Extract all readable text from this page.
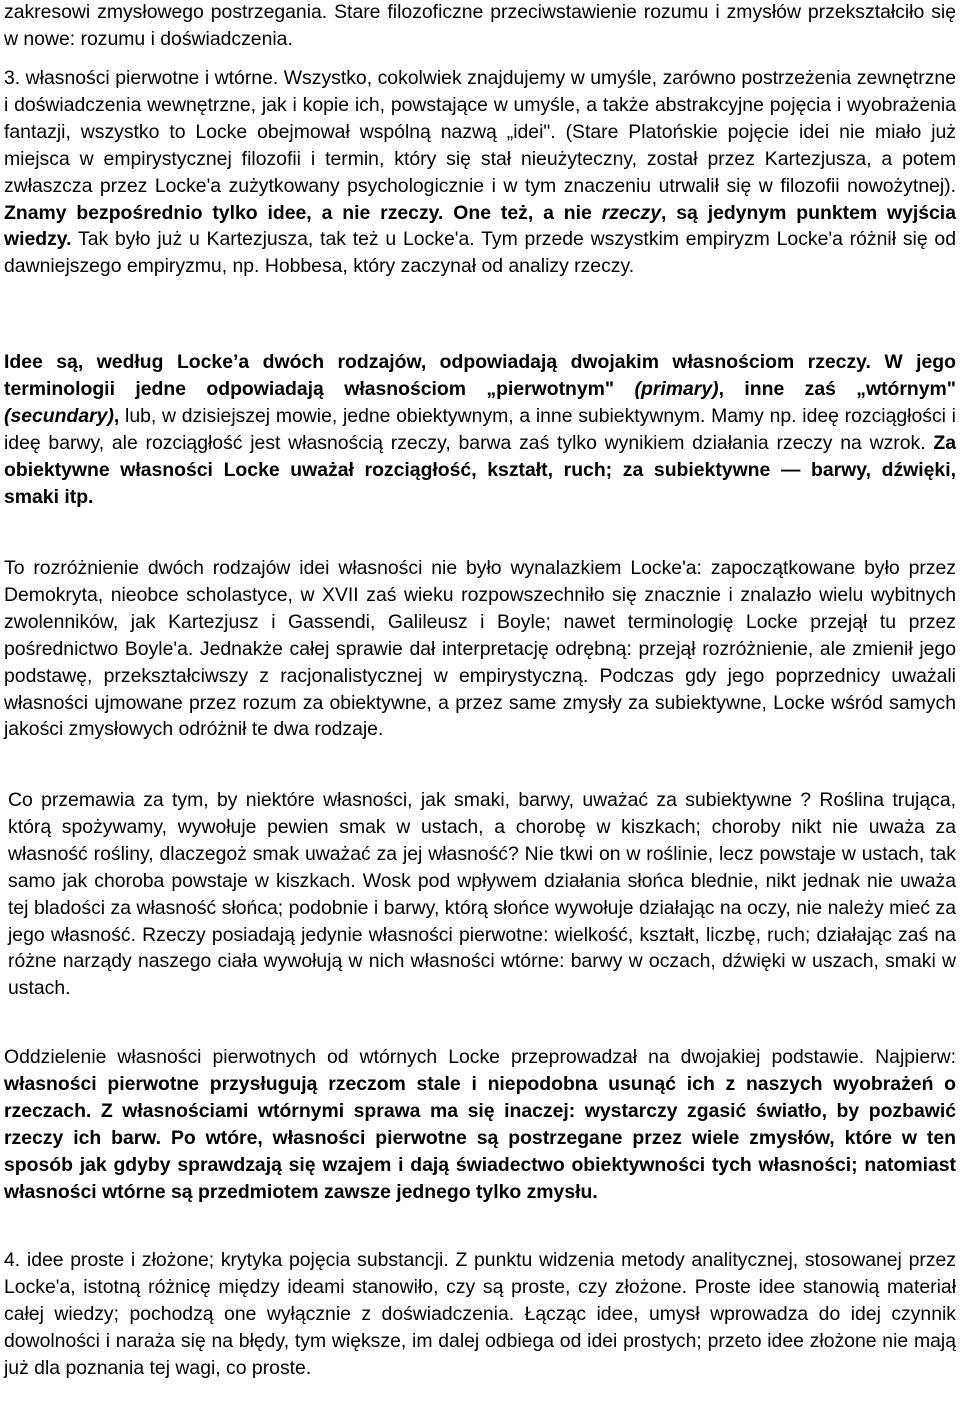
zakresowi zmysłowego postrzegania. Stare filozoficzne przeciwstawienie rozumu i zmysłów przekształciło się w nowe: rozumu i doświadczenia.

3. własności pierwotne i wtórne. Wszystko, cokolwiek znajdujemy w umyśle, zarówno postrzeżenia zewnętrzne i doświadczenia wewnętrzne, jak i kopie ich, powstające w umyśle, a także abstrakcyjne pojęcia i wyobrażenia fantazji, wszystko to Locke obejmował wspólną nazwą „idei". (Stare Platońskie pojęcie idei nie miało już miejsca w empirystycznej filozofii i termin, który się stał nieużyteczny, został przez Kartezjusza, a potem zwłaszcza przez Locke'a zużytkowany psychologicznie i w tym znaczeniu utrwalił się w filozofii nowożytnej). Znamy bezpośrednio tylko idee, a nie rzeczy. One też, a nie rzeczy, są jedynym punktem wyjścia wiedzy. Tak było już u Kartezjusza, tak też u Locke'a. Tym przede wszystkim empiryzm Locke'a różnił się od dawniejszego empiryzmu, np. Hobbesa, który zaczynał od analizy rzeczy.

Idee są, według Locke’a dwóch rodzajów, odpowiadają dwojakim własnościom rzeczy. W jego terminologii jedne odpowiadają własnościom „pierwotnym" (primary), inne zaś „wtórnym" (secundary), lub, w dzisiejszej mowie, jedne obiektywnym, a inne subiektywnym. Mamy np. ideę rozciągłości i ideę barwy, ale rozciągłość jest własnością rzeczy, barwa zaś tylko wynikiem działania rzeczy na wzrok. Za obiektywne własności Locke uważał rozciągłość, kształt, ruch; za subiektywne — barwy, dźwięki, smaki itp.

To rozróżnienie dwóch rodzajów idei własności nie było wynalazkiem Locke'a: zapoczątkowane było przez Demokryta, nieobce scholastyce, w XVII zaś wieku rozpowszechniło się znacznie i znalazło wielu wybitnych zwolenników, jak Kartezjusz i Gassendi, Galileusz i Boyle; nawet terminologię Locke przejął tu przez pośrednictwo Boyle'a. Jednakże całej sprawie dał interpretację odrębną: przejął rozróżnienie, ale zmienił jego podstawę, przekształciwszy z racjonalistycznej w empirystyczną. Podczas gdy jego poprzednicy uważali własności ujmowane przez rozum za obiektywne, a przez same zmysły za subiektywne, Locke wśród samych jakości zmysłowych odróżnił te dwa rodzaje.

Co przemawia za tym, by niektóre własności, jak smaki, barwy, uważać za subiektywne ? Roślina trująca, którą spożywamy, wywołuje pewien smak w ustach, a chorobę w kiszkach; choroby nikt nie uważa za własność rośliny, dlaczegoż smak uważać za jej własność? Nie tkwi on w roślinie, lecz powstaje w ustach, tak samo jak choroba powstaje w kiszkach. Wosk pod wpływem działania słońca blednie, nikt jednak nie uważa tej bladości za własność słońca; podobnie i barwy, którą słońce wywołuje działając na oczy, nie należy mieć za jego własność. Rzeczy posiadają jedynie własności pierwotne: wielkość, kształt, liczbę, ruch; działając zaś na różne narządy naszego ciała wywołują w nich własności wtórne: barwy w oczach, dźwięki w uszach, smaki w ustach.

Oddzielenie własności pierwotnych od wtórnych Locke przeprowadzał na dwojakiej podstawie. Najpierw: własności pierwotne przysługują rzeczom stale i niepodobna usunąć ich z naszych wyobrażeń o rzeczach. Z własnościami wtórnymi sprawa ma się inaczej: wystarczy zgasić światło, by pozbawić rzeczy ich barw. Po wtóre, własności pierwotne są postrzegane przez wiele zmysłów, które w ten sposób jak gdyby sprawdzają się wzajem i dają świadectwo obiektywności tych własności; natomiast własności wtórne są przedmiotem zawsze jednego tylko zmysłu.

4. idee proste i złożone; krytyka pojęcia substancji. Z punktu widzenia metody analitycznej, stosowanej przez Locke'a, istotną różnicę między ideami stanowiło, czy są proste, czy złożone. Proste idee stanowią materiał całej wiedzy; pochodzą one wyłącznie z doświadczenia. Łącząc idee, umysł wprowadza do idej czynnik dowolności i naraża się na błędy, tym większe, im dalej odbiega od idei prostych; przeto idee złożone nie mają już dla poznania tej wagi, co proste.
